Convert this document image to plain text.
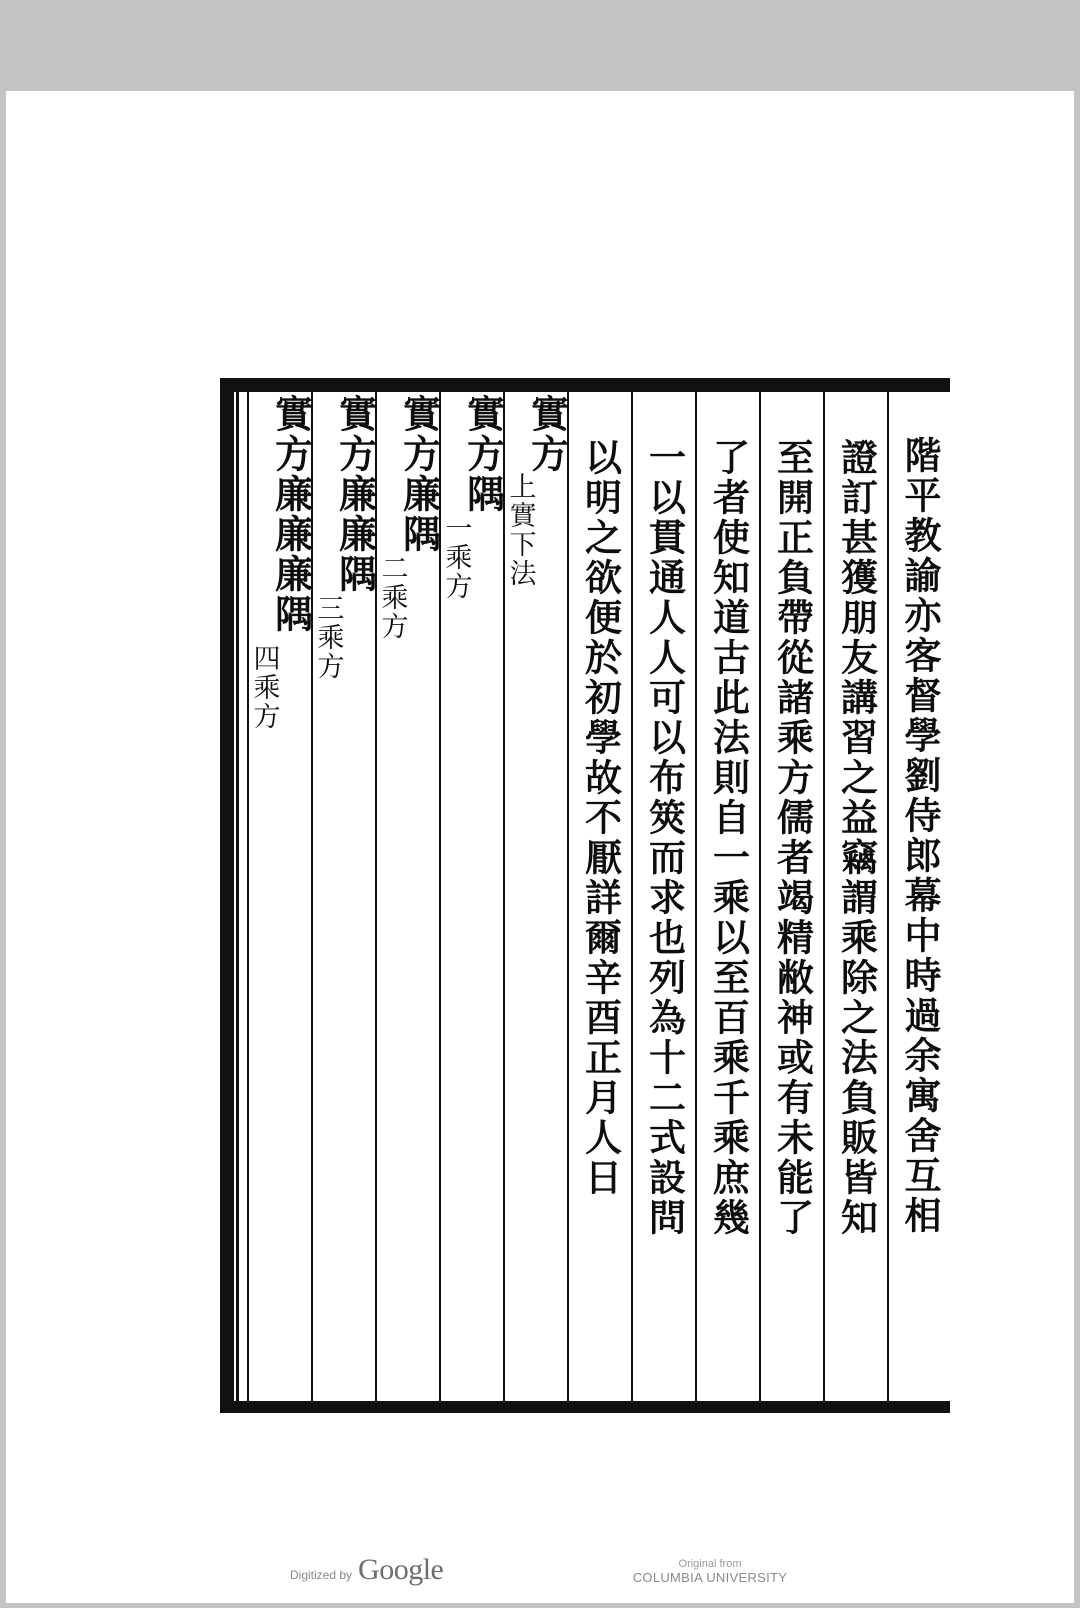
階平教諭亦客督學劉侍郎幕中時過余寓舍互相
證訂甚獲朋友講習之益竊謂乘除之法負販皆知
至開正負帶從諸乘方儒者竭精敝神或有未能了
了者使知道古此法則自一乘以至百乘千乘庶幾
一以貫通人人可以布筴而求也列為十二式設問
以明之欲便於初學故不厭詳爾辛酉正月人日
實方
上實下法
實方隅
一乘方
實方廉隅
二乘方
實方廉廉隅
三乘方
實方廉廉廉隅
四乘方
Digitized by Google	Original from
COLUMBIA UNIVERSITY
